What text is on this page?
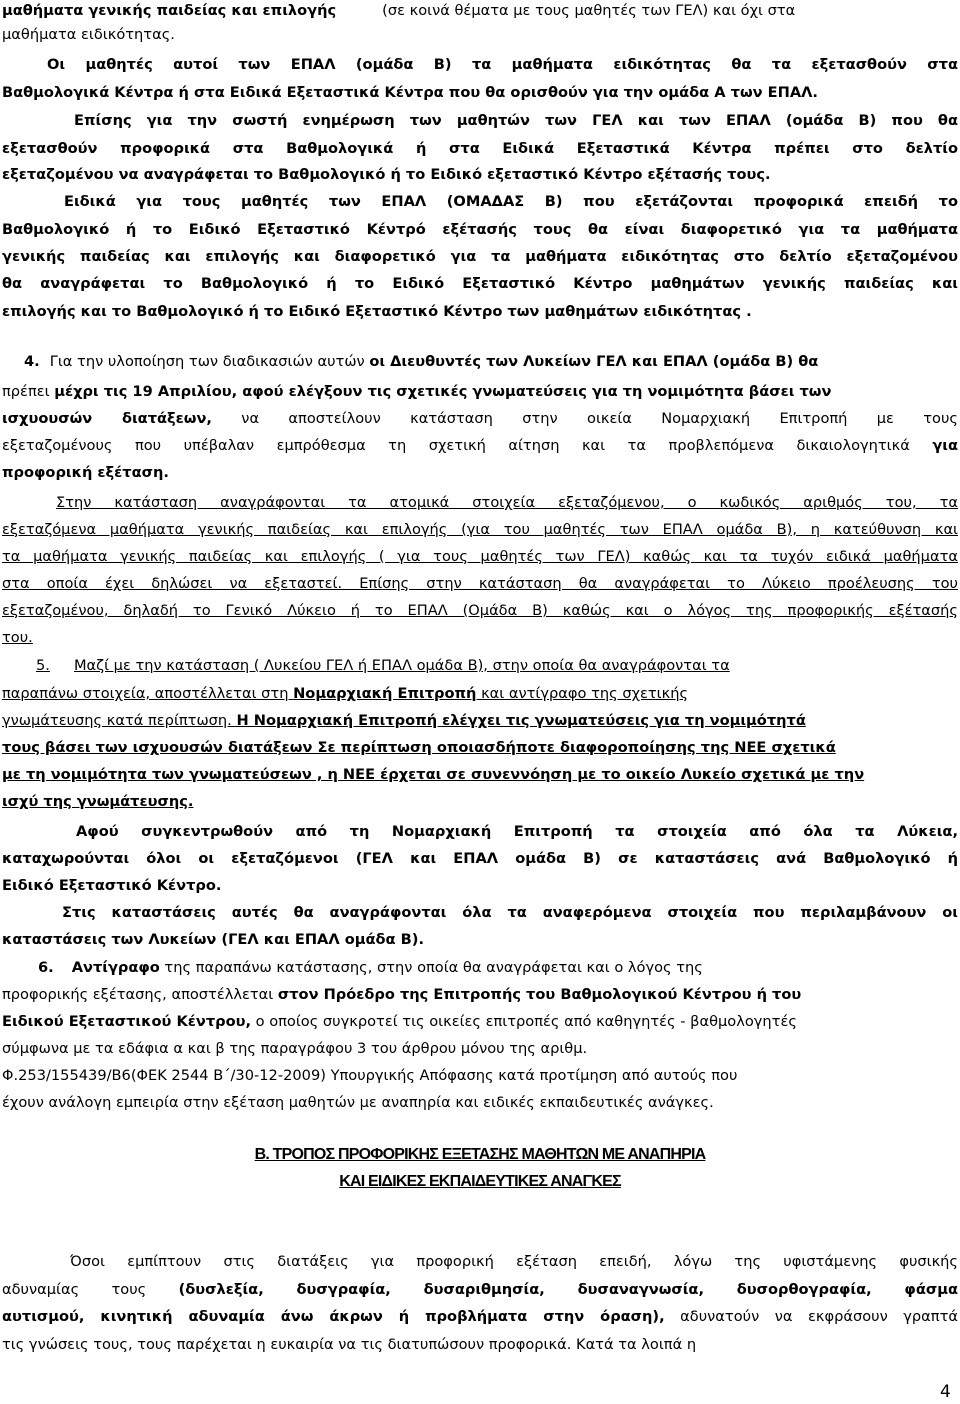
μαθήματα γενικής παιδείας και επιλογής	(σε κοινά θέματα με τους μαθητές των ΓΕΛ) και όχι στα
μαθήματα ειδικότητας.
Οι μαθητές αυτοί των ΕΠΑΛ (ομάδα Β) τα μαθήματα ειδικότητας θα τα εξετασθούν στα
Βαθμολογικά Κέντρα ή στα Ειδικά Εξεταστικά Κέντρα που θα ορισθούν για την ομάδα Α των ΕΠΑΛ.
Επίσης για την σωστή ενημέρωση των μαθητών των ΓΕΛ και των ΕΠΑΛ (ομάδα Β) που θα
εξετασθούν προφορικά στα Βαθμολογικά ή στα Ειδικά Εξεταστικά Κέντρα πρέπει στο δελτίο
εξεταζομένου να αναγράφεται το Βαθμολογικό ή το Ειδικό εξεταστικό Κέντρο εξέτασής τους.
Ειδικά για τους μαθητές των ΕΠΑΛ (ΟΜΑΔΑΣ Β) που εξετάζονται προφορικά επειδή το
Βαθμολογικό ή το Ειδικό Εξεταστικό Κέντρό εξέτασής τους θα είναι διαφορετικό για τα μαθήματα
γενικής παιδείας και επιλογής και διαφορετικό για τα μαθήματα ειδικότητας στο δελτίο εξεταζομένου
θα αναγράφεται το Βαθμολογικό ή το Ειδικό Εξεταστικό Κέντρο μαθημάτων γενικής παιδείας και
επιλογής και το Βαθμολογικό ή το Ειδικό Εξεταστικό Κέντρο των μαθημάτων ειδικότητας .
4. Για την υλοποίηση των διαδικασιών αυτών οι Διευθυντές των Λυκείων ΓΕΛ και ΕΠΑΛ (ομάδα Β) θα
πρέπει μέχρι τις 19 Απριλίου, αφού ελέγξουν τις σχετικές γνωματεύσεις για τη νομιμότητα βάσει των
ισχυουσών διατάξεων, να αποστείλουν κατάσταση στην οικεία Νομαρχιακή Επιτροπή με τους
εξεταζομένους που υπέβαλαν εμπρόθεσμα τη σχετική αίτηση και τα προβλεπόμενα δικαιολογητικά για
προφορική εξέταση.
Στην κατάσταση αναγράφονται τα ατομικά στοιχεία εξεταζόμενου, ο κωδικός αριθμός του, τα
εξεταζόμενα μαθήματα γενικής παιδείας και επιλογής (για του μαθητές των ΕΠΑΛ ομάδα Β), η κατεύθυνση και
τα μαθήματα γενικής παιδείας και επιλογής ( για τους μαθητές των ΓΕΛ) καθώς και τα τυχόν ειδικά μαθήματα
στα οποία έχει δηλώσει να εξεταστεί. Επίσης στην κατάσταση θα αναγράφεται το Λύκειο προέλευσης του
εξεταζομένου, δηλαδή το Γενικό Λύκειο ή το ΕΠΑΛ (Ομάδα Β) καθώς και ο λόγος της προφορικής εξέτασής
του.
5. Μαζί με την κατάσταση ( Λυκείου ΓΕΛ ή ΕΠΑΛ ομάδα Β), στην οποία θα αναγράφονται τα
παραπάνω στοιχεία, αποστέλλεται στη Νομαρχιακή Επιτροπή και αντίγραφο της σχετικής
γνωμάτευσης κατά περίπτωση. Η Νομαρχιακή Επιτροπή ελέγχει τις γνωματεύσεις για τη νομιμότητά
τους βάσει των ισχυουσών διατάξεων Σε περίπτωση οποιασδήποτε διαφοροποίησης της ΝΕΕ σχετικά
με τη νομιμότητα των γνωματεύσεων , η ΝΕΕ έρχεται σε συνεννόηση με το οικείο Λυκείο σχετικά με την
ισχύ της γνωμάτευσης.
Αφού συγκεντρωθούν από τη Νομαρχιακή Επιτροπή τα στοιχεία από όλα τα Λύκεια,
καταχωρούνται όλοι οι εξεταζόμενοι (ΓΕΛ και ΕΠΑΛ ομάδα Β) σε καταστάσεις ανά Βαθμολογικό ή
Ειδικό Εξεταστικό Κέντρο.
Στις καταστάσεις αυτές θα αναγράφονται όλα τα αναφερόμενα στοιχεία που περιλαμβάνουν οι
καταστάσεις των Λυκείων (ΓΕΛ και ΕΠΑΛ ομάδα Β).
6. Αντίγραφο της παραπάνω κατάστασης, στην οποία θα αναγράφεται και ο λόγος της
προφορικής εξέτασης, αποστέλλεται στον Πρόεδρο της Επιτροπής του Βαθμολογικού Κέντρου ή του
Ειδικού Εξεταστικού Κέντρου, ο οποίος συγκροτεί τις οικείες επιτροπές από καθηγητές - βαθμολογητές
σύμφωνα με τα εδάφια α και β της παραγράφου 3 του άρθρου μόνου της αριθμ.
Φ.253/155439/Β6(ΦΕΚ 2544 Β΄/30-12-2009) Υπουργικής Απόφασης κατά προτίμηση από αυτούς που
έχουν ανάλογη εμπειρία στην εξέταση μαθητών με αναπηρία και ειδικές εκπαιδευτικές ανάγκες.
Β. ΤΡΟΠΟΣ ΠΡΟΦΟΡΙΚΗΣ ΕΞΕΤΑΣΗΣ ΜΑΘΗΤΩΝ ΜΕ ΑΝΑΠΗΡΙΑ
ΚΑΙ ΕΙΔΙΚΕΣ ΕΚΠΑΙΔΕΥΤΙΚΕΣ ΑΝΑΓΚΕΣ
Όσοι εμπίπτουν στις διατάξεις για προφορική εξέταση επειδή, λόγω της υφιστάμενης φυσικής
αδυναμίας τους (δυσλεξία, δυσγραφία, δυσαριθμησία, δυσαναγνωσία, δυσορθογραφία, φάσμα
αυτισμού, κινητική αδυναμία άνω άκρων ή προβλήματα στην όραση), αδυνατούν να εκφράσουν γραπτά
τις γνώσεις τους, τους παρέχεται η ευκαιρία να τις διατυπώσουν προφορικά. Κατά τα λοιπά η
4
